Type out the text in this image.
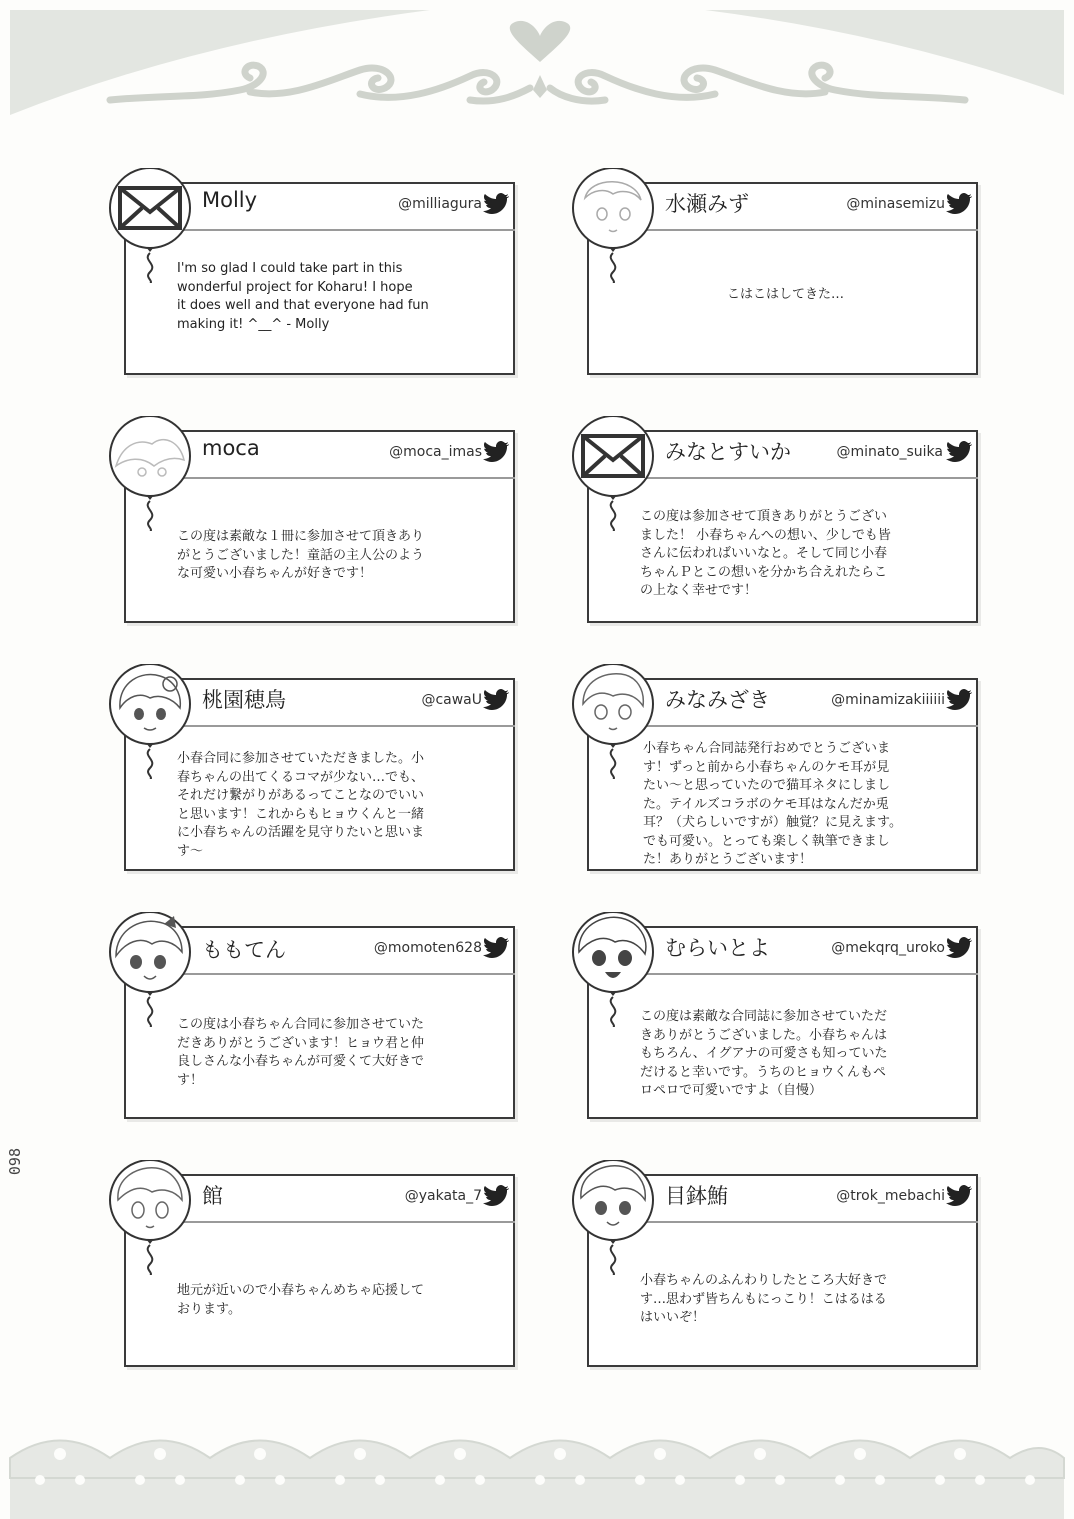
Molly	@milliagura
I'm so glad I could take part in this
wonderful project for Koharu! I hope
it does well and that everyone had fun
making it! ^__^ - Molly
水瀬みず	@minasemizu
こはこはしてきた…
moca	@moca_imas
この度は素敵な１冊に参加させて頂きあり
がとうございました！童話の主人公のよう
な可愛い小春ちゃんが好きです！
みなとすいか	@minato_suika
この度は参加させて頂きありがとうござい
ました！ 小春ちゃんへの想い、少しでも皆
さんに伝わればいいなと。そして同じ小春
ちゃんＰとこの想いを分かち合えれたらこ
の上なく幸せです！
桃園穂鳥	@cawaU
小春合同に参加させていただきました。小
春ちゃんの出てくるコマが少ない…でも、
それだけ繋がりがあるってことなのでいい
と思います！これからもヒョウくんと一緒
に小春ちゃんの活躍を見守りたいと思いま
す～
みなみざき	@minamizakiiiiii
小春ちゃん合同誌発行おめでとうございま
す！ずっと前から小春ちゃんのケモ耳が見
たい～と思っていたので猫耳ネタにしまし
た。テイルズコラボのケモ耳はなんだか兎
耳？（犬らしいですが）触覚？に見えます。
でも可愛い。とっても楽しく執筆できまし
た！ありがとうございます！
ももてん	@momoten628
この度は小春ちゃん合同に参加させていた
だきありがとうございます！ヒョウ君と仲
良しさんな小春ちゃんが可愛くて大好きで
す！
むらいとよ	@mekqrq_uroko
この度は素敵な合同誌に参加させていただ
きありがとうございました。小春ちゃんは
もちろん、イグアナの可愛さも知っていた
だけると幸いです。うちのヒョウくんもペ
ロペロで可愛いですよ（自慢）
館	@yakata_7
地元が近いので小春ちゃんめちゃ応援して
おります。
目鉢鮪	@trok_mebachi
小春ちゃんのふんわりしたところ大好きで
す…思わず皆ちんもにっこり！こはるはる
はいいぞ！
098
